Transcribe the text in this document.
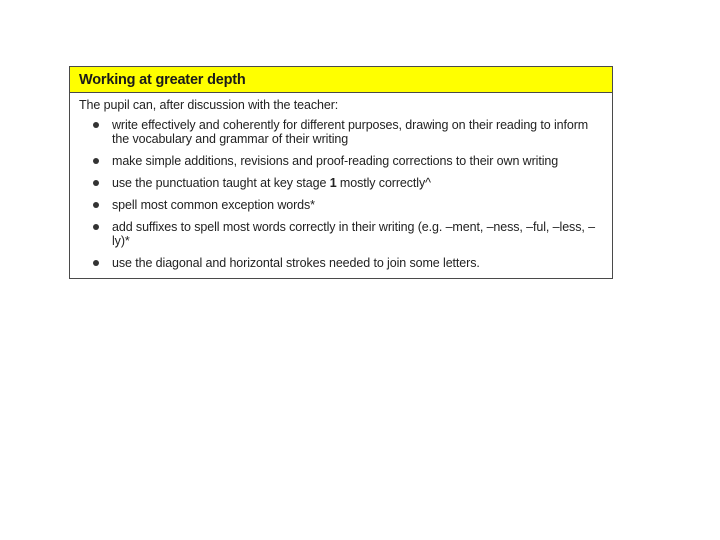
Working at greater depth

The pupil can, after discussion with the teacher:

write effectively and coherently for different purposes, drawing on their reading to inform the vocabulary and grammar of their writing
make simple additions, revisions and proof-reading corrections to their own writing
use the punctuation taught at key stage 1 mostly correctly^
spell most common exception words*
add suffixes to spell most words correctly in their writing (e.g. –ment, –ness, –ful, –less, –ly)*
use the diagonal and horizontal strokes needed to join some letters.
